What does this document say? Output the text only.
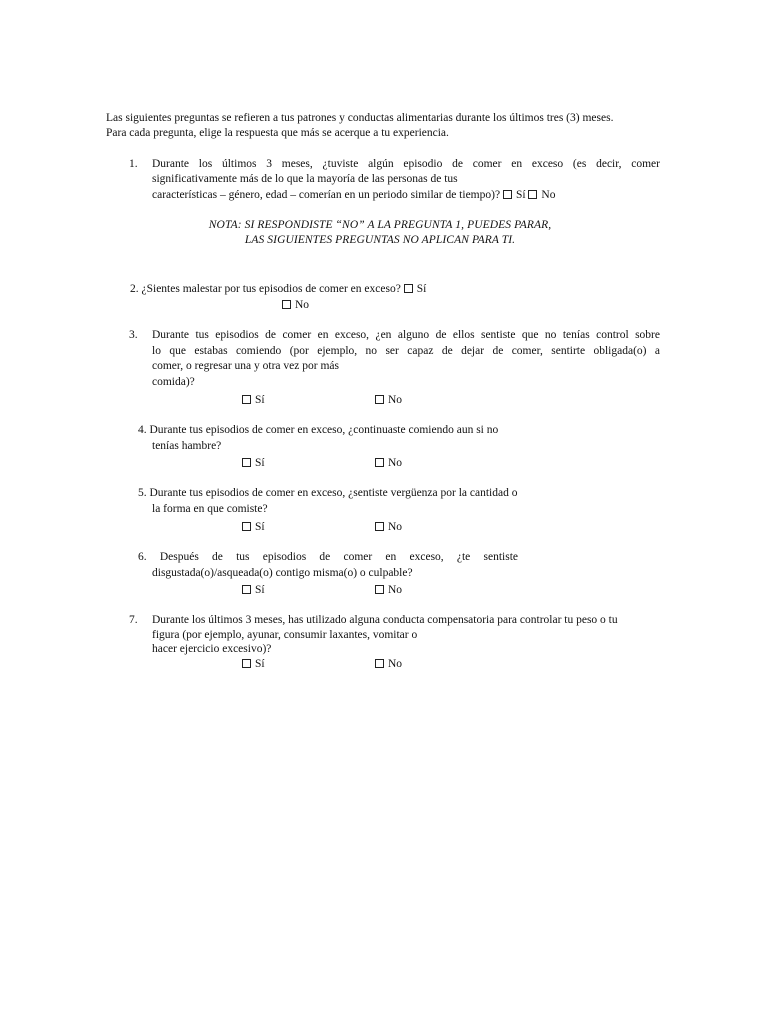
Las siguientes preguntas se refieren a tus patrones y conductas alimentarias durante los últimos tres (3) meses.
Para cada pregunta, elige la respuesta que más se acerque a tu experiencia.
1. Durante los últimos 3 meses, ¿tuviste algún episodio de comer en exceso (es decir, comer
significativamente más de lo que la mayoría de las personas de tus
características – género, edad – comerían en un periodo similar de tiempo)? Sí No
NOTA: SI RESPONDISTE “NO” A LA PREGUNTA 1, PUEDES PARAR,
LAS SIGUIENTES PREGUNTAS NO APLICAN PARA TI.
2. ¿Sientes malestar por tus episodios de comer en exceso? Sí
No
3. Durante tus episodios de comer en exceso, ¿en alguno de ellos sentiste que no tenías control sobre
lo que estabas comiendo (por ejemplo, no ser capaz de dejar de comer, sentirte obligada(o) a
comer, o regresar una y otra vez por más
comida)?
Sí	No
4. Durante tus episodios de comer en exceso, ¿continuaste comiendo aun si no
tenías hambre?
Sí	No
5. Durante tus episodios de comer en exceso, ¿sentiste vergüenza por la cantidad o
la forma en que comiste?
Sí	No
6. Después de tus episodios de comer en exceso, ¿te sentiste
disgustada(o)/asqueada(o) contigo misma(o) o culpable?
Sí	No
7. Durante los últimos 3 meses, has utilizado alguna conducta compensatoria para controlar tu peso o tu
figura (por ejemplo, ayunar, consumir laxantes, vomitar o
hacer ejercicio excesivo)?
Sí	No
